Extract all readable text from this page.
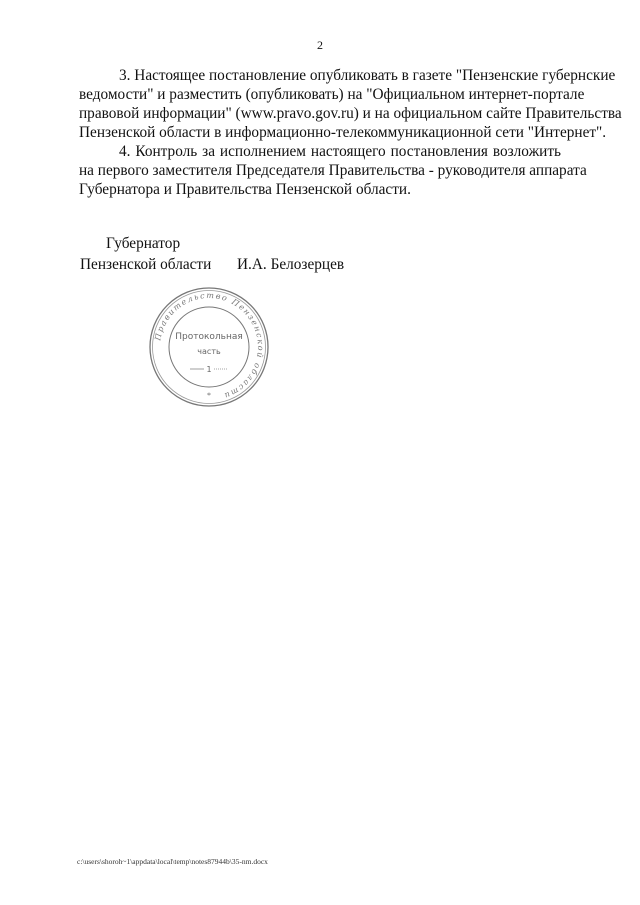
2
3. Настоящее постановление опубликовать в газете "Пензенские губернские
ведомости" и разместить (опубликовать) на "Официальном интернет-портале
правовой информации" (www.pravo.gov.ru) и на официальном сайте Правительства
Пензенской области в информационно-телекоммуникационной сети "Интернет".
4. Контроль за исполнением настоящего постановления возложить
на первого заместителя Председателя Правительства - руководителя аппарата
Губернатора и Правительства Пензенской области.
Губернатор
Пензенской области И.А. Белозерцев
Правительство Пензенской области
*
Протокольная
часть
1
c:\users\shoroh~1\appdata\local\temp\notes87944b\35-nm.docx
